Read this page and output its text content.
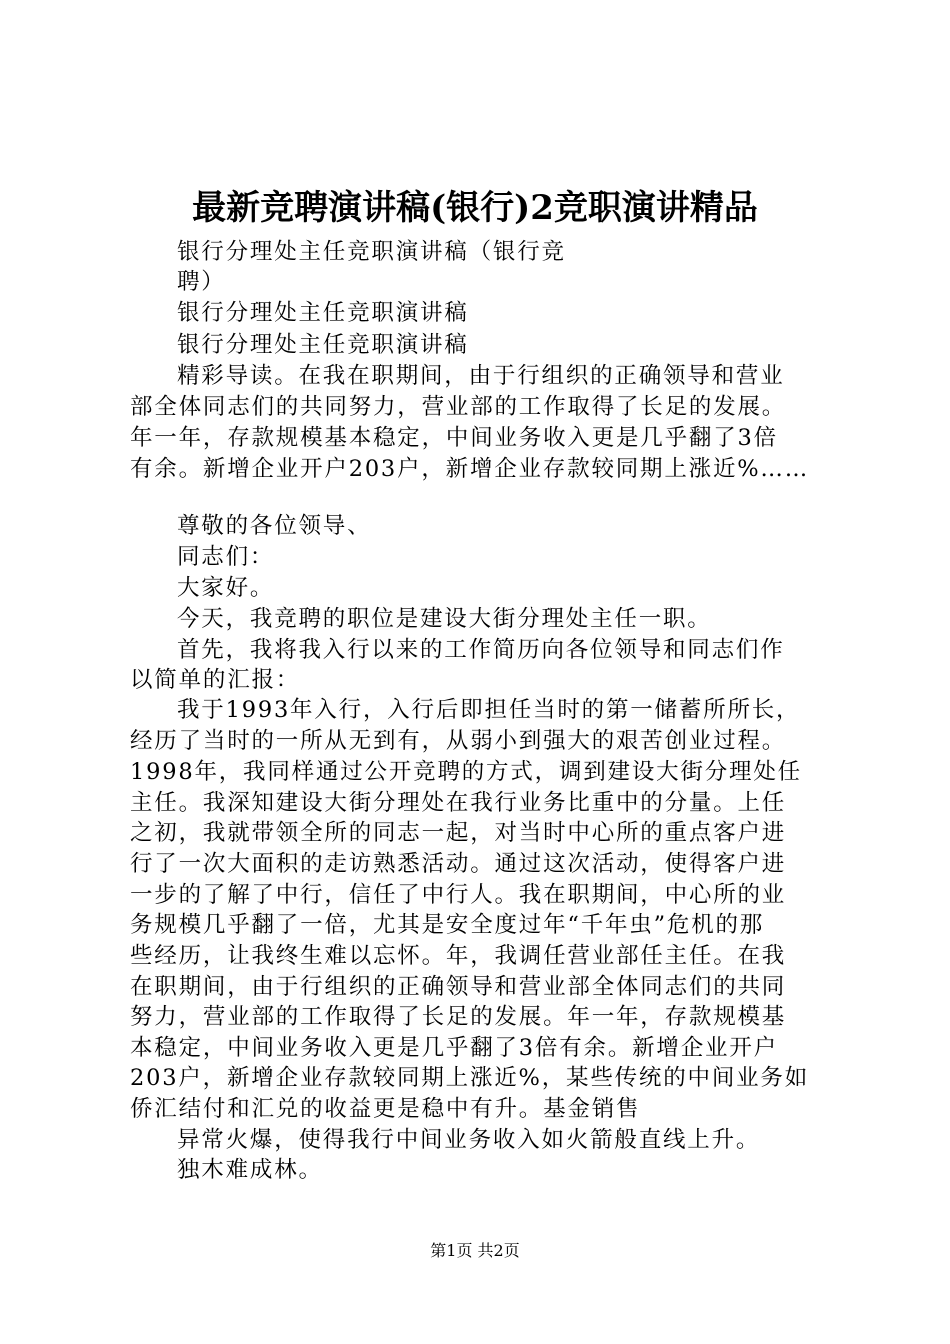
最新竞聘演讲稿(银行)2竞职演讲精品
银行分理处主任竞职演讲稿（银行竞
聘）
银行分理处主任竞职演讲稿
银行分理处主任竞职演讲稿
精彩导读。在我在职期间，由于行组织的正确领导和营业
部全体同志们的共同努力，营业部的工作取得了长足的发展。
年一年，存款规模基本稳定，中间业务收入更是几乎翻了3倍
有余。新增企业开户203户，新增企业存款较同期上涨近%……
尊敬的各位领导、
同志们：
大家好。
今天，我竞聘的职位是建设大街分理处主任一职。
首先，我将我入行以来的工作简历向各位领导和同志们作
以简单的汇报：
我于1993年入行，入行后即担任当时的第一储蓄所所长，
经历了当时的一所从无到有，从弱小到强大的艰苦创业过程。
1998年，我同样通过公开竞聘的方式，调到建设大街分理处任
主任。我深知建设大街分理处在我行业务比重中的分量。上任
之初，我就带领全所的同志一起，对当时中心所的重点客户进
行了一次大面积的走访熟悉活动。通过这次活动，使得客户进
一步的了解了中行，信任了中行人。我在职期间，中心所的业
务规模几乎翻了一倍，尤其是安全度过年“千年虫”危机的那
些经历，让我终生难以忘怀。年，我调任营业部任主任。在我
在职期间，由于行组织的正确领导和营业部全体同志们的共同
努力，营业部的工作取得了长足的发展。年一年，存款规模基
本稳定，中间业务收入更是几乎翻了3倍有余。新增企业开户
203户，新增企业存款较同期上涨近%，某些传统的中间业务如
侨汇结付和汇兑的收益更是稳中有升。基金销售
异常火爆，使得我行中间业务收入如火箭般直线上升。
独木难成林。
第1页 共2页
